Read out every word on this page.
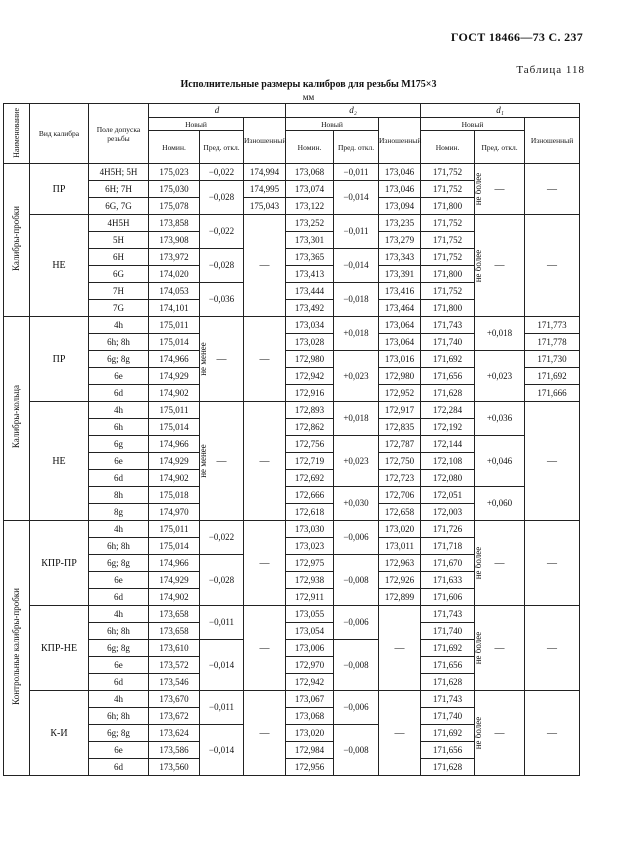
ГОСТ 18466—73 С. 237
Таблица 118
Исполнительные размеры калибров для резьбы М175×3
мм
Наименование	Вид калибра	Поле допуска резьбы	d			d₂			d₁		
			Новый		Изношенный	Новый		Изношенный	Новый		Изношенный
			Номин.	Пред. откл.		Номин.	Пред. откл.		Номин.	Пред. откл.	
Калибры-пробки	ПР	4H5H; 5H	175,023	−0,022	174,994	173,068	−0,011	173,046	171,752	не более —	—
		6H; 7H	175,030	−0,028	174,995	173,074	−0,014	173,046	171,752		
		6G, 7G	175,078		175,043	173,122		173,094	171,800		
	НЕ	4H5H	173,858	−0,022	—	173,252	−0,011	173,235	171,752	не более —	—
		5H	173,908			173,301		173,279	171,752		
		6H	173,972	−0,028		173,365	−0,014	173,343	171,752		
		6G	174,020			173,413		173,391	171,800		
		7H	174,053	−0,036		173,444	−0,018	173,416	171,752		
		7G	174,101			173,492		173,464	171,800		
Калибры-кольца	ПР	4h	175,011	не менее —	—	173,034	+0,018	173,064	171,743	+0,018	171,773
		6h; 8h	175,014			173,028		173,064	171,740		171,778
		6g; 8g	174,966			172,980	+0,023	173,016	171,692	+0,023	171,730
		6e	174,929			172,942		172,980	171,656		171,692
		6d	174,902			172,916		172,952	171,628		171,666
	НЕ	4h	175,011	не менее —	—	172,893	+0,018	172,917	172,284	+0,036	—
		6h	175,014			172,862		172,835	172,192		
		6g	174,966			172,756	+0,023	172,787	172,144	+0,046	
		6e	174,929			172,719		172,750	172,108		
		6d	174,902			172,692		172,723	172,080		
		8h	175,018			172,666	+0,030	172,706	172,051	+0,060	
		8g	174,970			172,618		172,658	172,003		
Контрольные калибры-пробки	КПР-ПР	4h	175,011	−0,022	—	173,030	−0,006	173,020	171,726	не более —	—
		6h; 8h	175,014			173,023		173,011	171,718		
		6g; 8g	174,966	−0,028		172,975	−0,008	172,963	171,670		
		6e	174,929			172,938		172,926	171,633		
		6d	174,902			172,911		172,899	171,606		
	КПР-НЕ	4h	173,658	−0,011	—	173,055	−0,006	—	171,743	не более —	—
		6h; 8h	173,658			173,054			171,740		
		6g; 8g	173,610	−0,014		173,006	−0,008		171,692		
		6e	173,572			172,970			171,656		
		6d	173,546			172,942			171,628		
	К-И	4h	173,670	−0,011	—	173,067	−0,006	—	171,743	не более —	—
		6h; 8h	173,672			173,068			171,740		
		6g; 8g	173,624	−0,014		173,020	−0,008		171,692		
		6e	173,586			172,984			171,656		
		6d	173,560			172,956			171,628		
